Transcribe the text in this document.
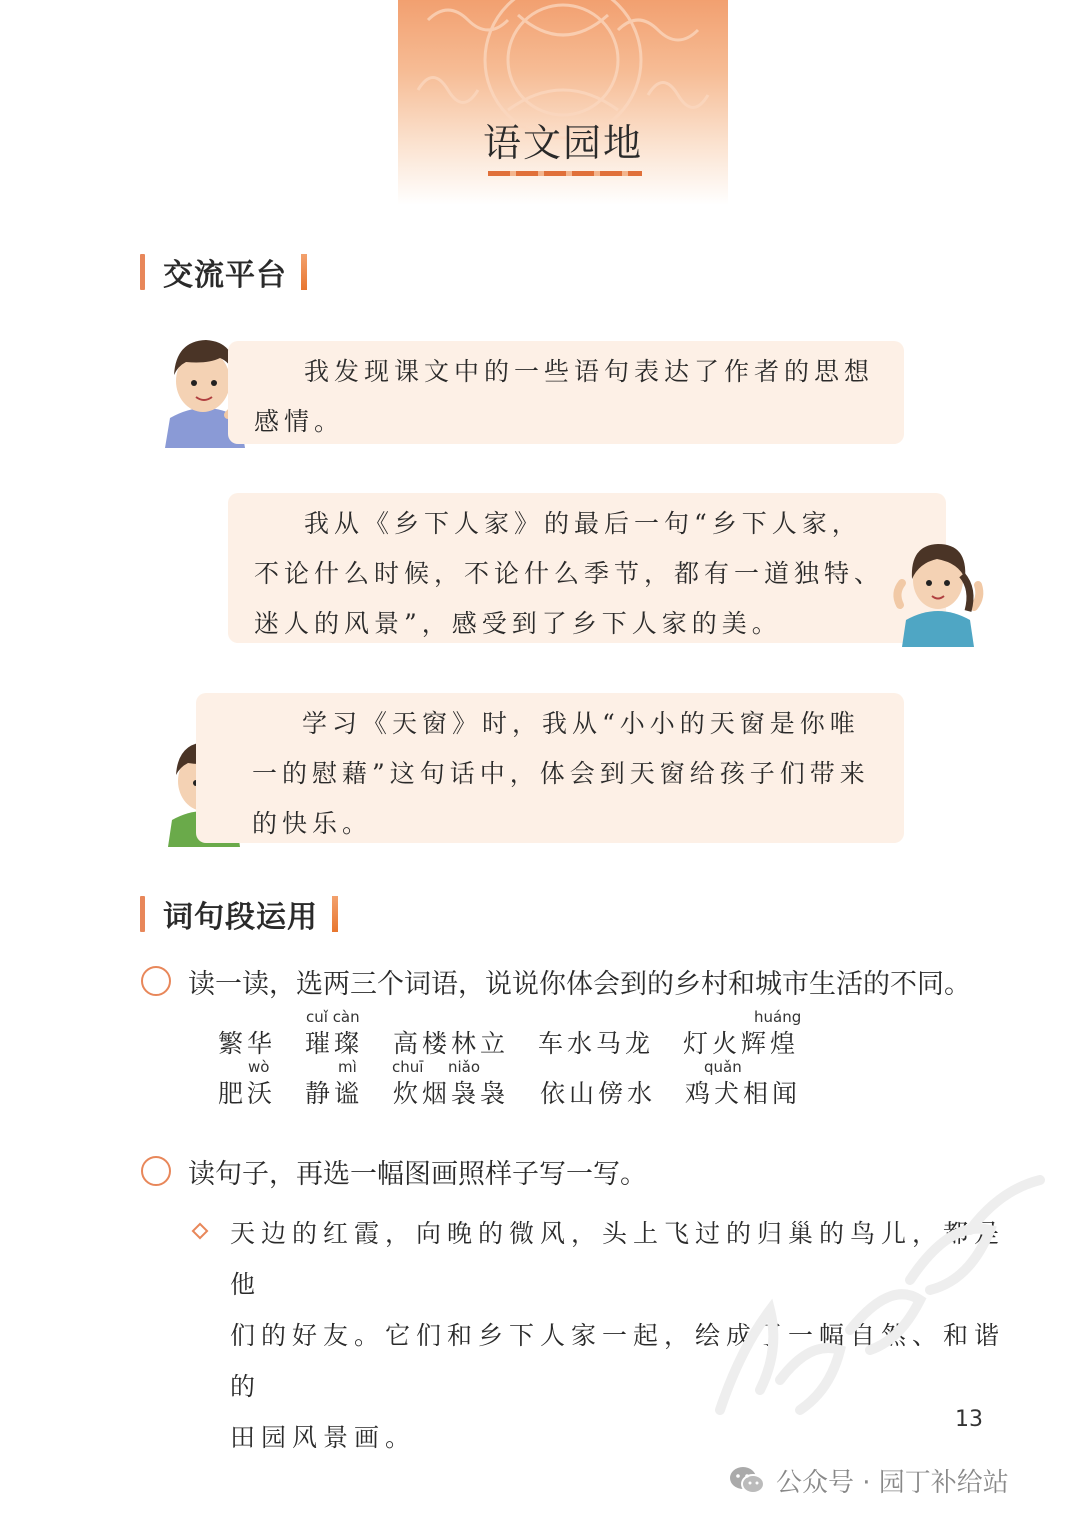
语文园地
交流平台
我发现课文中的一些语句表达了作者的思想
感情。
我从《乡下人家》的最后一句“乡下人家，
不论什么时候，不论什么季节，都有一道独特、
迷人的风景”，感受到了乡下人家的美。
学习《天窗》时，我从“小小的天窗是你唯
一的慰藉”这句话中，体会到天窗给孩子们带来
的快乐。
词句段运用
读一读，选两三个词语，说说你体会到的乡村和城市生活的不同。
cuǐ càn	huáng
繁华 璀璨 高楼林立 车水马龙 灯火辉煌
wò	mì chuī niǎo	quǎn
肥沃 静谧 炊烟袅袅 依山傍水 鸡犬相闻
读句子，再选一幅图画照样子写一写。
天边的红霞，向晚的微风，头上飞过的归巢的鸟儿，都是他
们的好友。它们和乡下人家一起，绘成了一幅自然、和谐的
田园风景画。
13
公众号 · 园丁补给站
